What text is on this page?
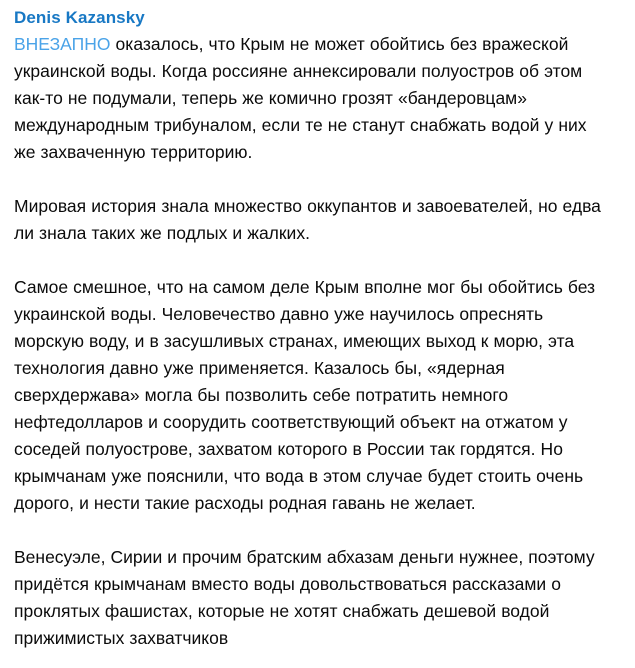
Denis Kazansky

ВНЕЗАПНО оказалось, что Крым не может обойтись без вражеской украинской воды. Когда россияне аннексировали полуостров об этом как-то не подумали, теперь же комично грозят «бандеровцам» международным трибуналом, если те не станут снабжать водой у них же захваченную территорию.

Мировая история знала множество оккупантов и завоевателей, но едва ли знала таких же подлых и жалких.

Самое смешное, что на самом деле Крым вполне мог бы обойтись без украинской воды. Человечество давно уже научилось опреснять морскую воду, и в засушливых странах, имеющих выход к морю, эта технология давно уже применяется. Казалось бы, «ядерная сверхдержава» могла бы позволить себе потратить немного нефтедолларов и соорудить соответствующий объект на отжатом у соседей полуострове, захватом которого в России так гордятся. Но крымчанам уже пояснили, что вода в этом случае будет стоить очень дорого, и нести такие расходы родная гавань не желает.

Венесуэле, Сирии и прочим братским абхазам деньги нужнее, поэтому придётся крымчанам вместо воды довольствоваться рассказами о проклятых фашистах, которые не хотят снабжать дешевой водой прижимистых захватчиков
